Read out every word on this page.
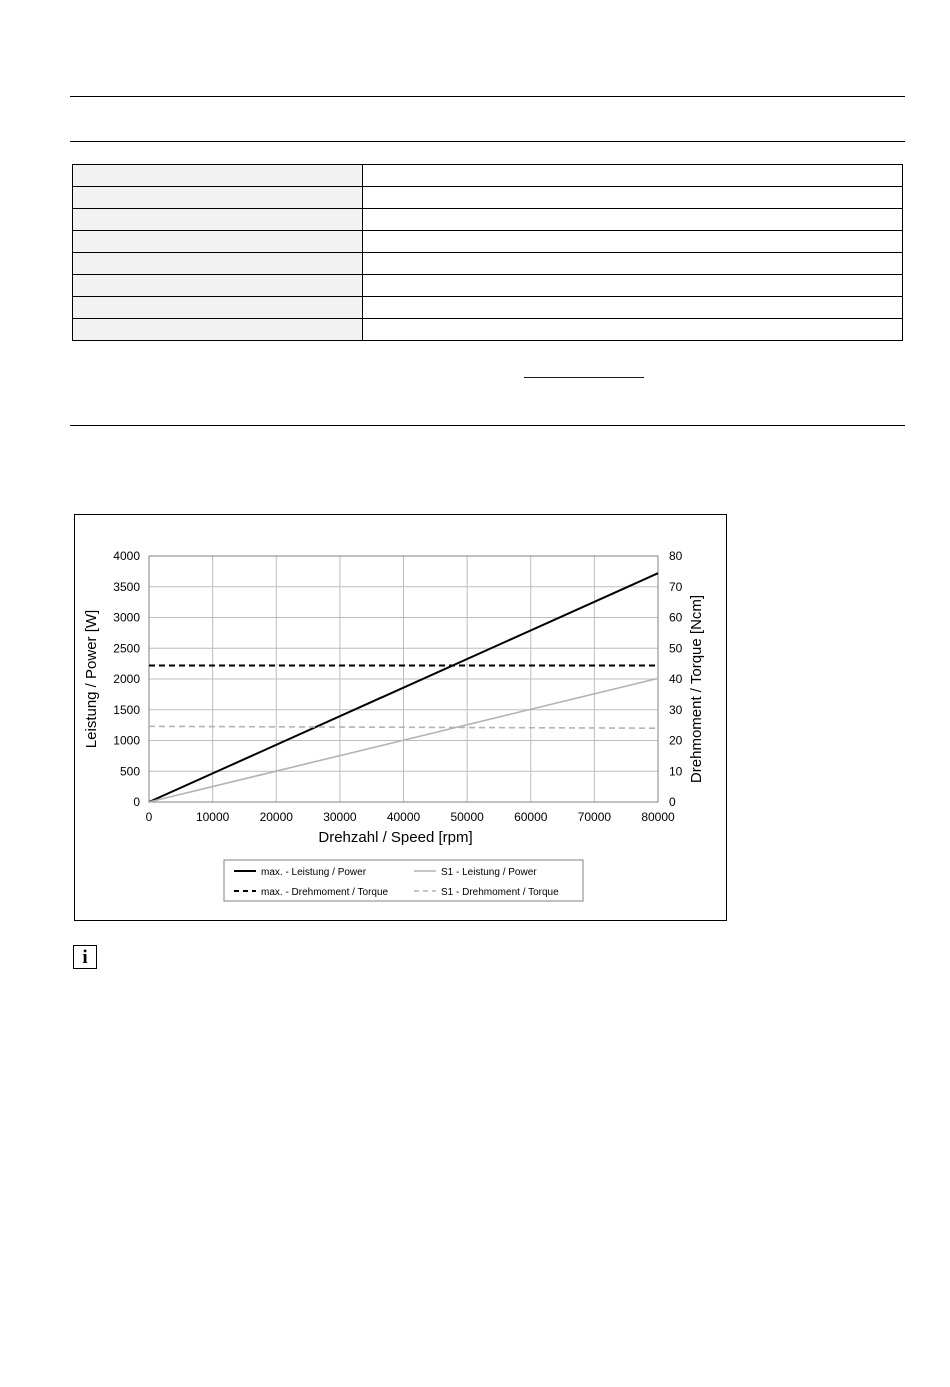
0	10000	20000	30000	40000	50000	60000	70000	80000
0
500
1000
1500
2000
2500
3000
3500
4000
0
10
20
30
40
50
60
70
80
Drehzahl / Speed [rpm]
Leistung / Power [W]	Drehmoment / Torque [Ncm]
max. - Leistung / Power	S1 - Leistung / Power
max. - Drehmoment / Torque	S1 - Drehmoment / Torque
i
